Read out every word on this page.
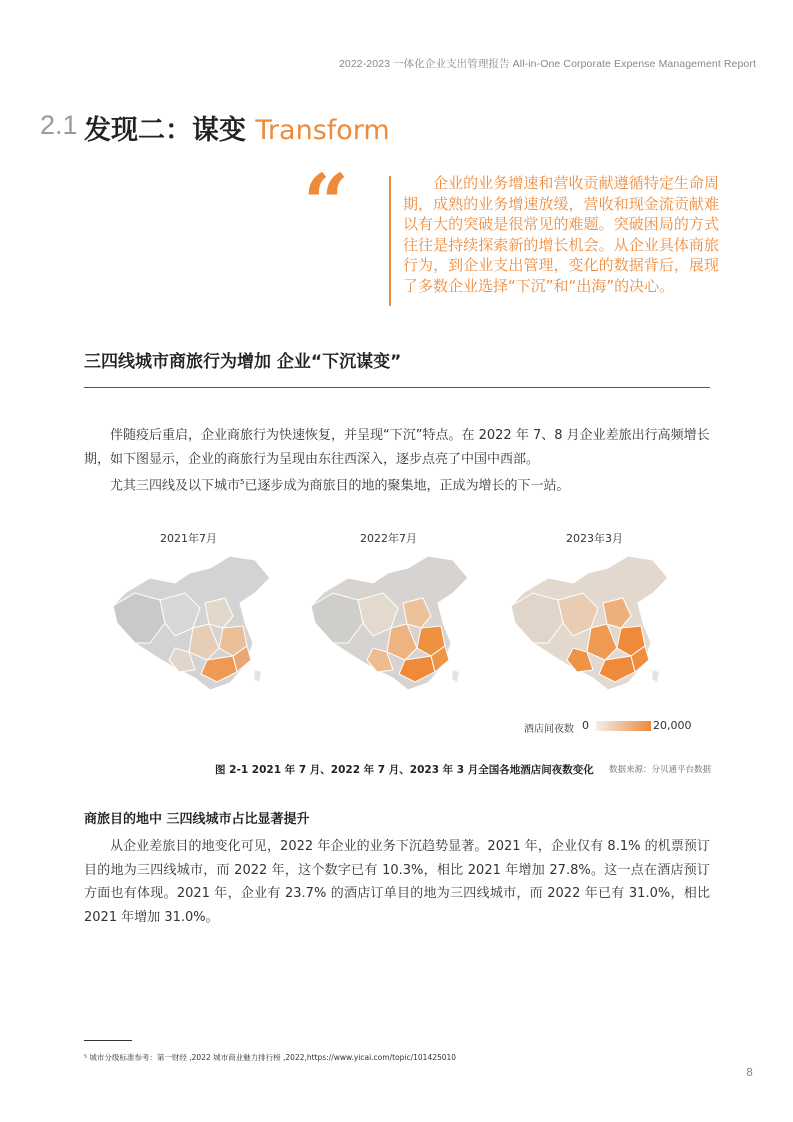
2022-2023 一体化企业支出管理报告 All-in-One Corporate Expense Management Report
2.1 发现二：谋变 Transform
“	企业的业务增速和营收贡献遵循特定生命周期，成熟的业务增速放缓，营收和现金流贡献难以有大的突破是很常见的难题。突破困局的方式往往是持续探索新的增长机会。从企业具体商旅行为，到企业支出管理，变化的数据背后，展现了多数企业选择“下沉”和“出海”的决心。
三四线城市商旅行为增加 企业“下沉谋变”
伴随疫后重启，企业商旅行为快速恢复，并呈现“下沉”特点。在 2022 年 7、8 月企业差旅出行高频增长期，如下图显示，企业的商旅行为呈现由东往西深入，逐步点亮了中国中西部。
尤其三四线及以下城市$^5$已逐步成为商旅目的地的聚集地，正成为增长的下一站。
2021年7月	2022年7月	2023年3月
酒店间夜数 0	20,000
图 2-1 2021 年 7 月、2022 年 7 月、2023 年 3 月全国各地酒店间夜数变化 数据来源：分贝通平台数据
商旅目的地中 三四线城市占比显著提升
从企业差旅目的地变化可见，2022 年企业的业务下沉趋势显著。2021 年，企业仅有 8.1% 的机票预订目的地为三四线城市，而 2022 年，这个数字已有 10.3%，相比 2021 年增加 27.8%。这一点在酒店预订方面也有体现。2021 年，企业有 23.7% 的酒店订单目的地为三四线城市，而 2022 年已有 31.0%，相比 2021 年增加 31.0%。
⁵ 城市分级标准参考：第一财经 ,2022 城市商业魅力排行榜 ,2022,https://www.yicai.com/topic/101425010
8
